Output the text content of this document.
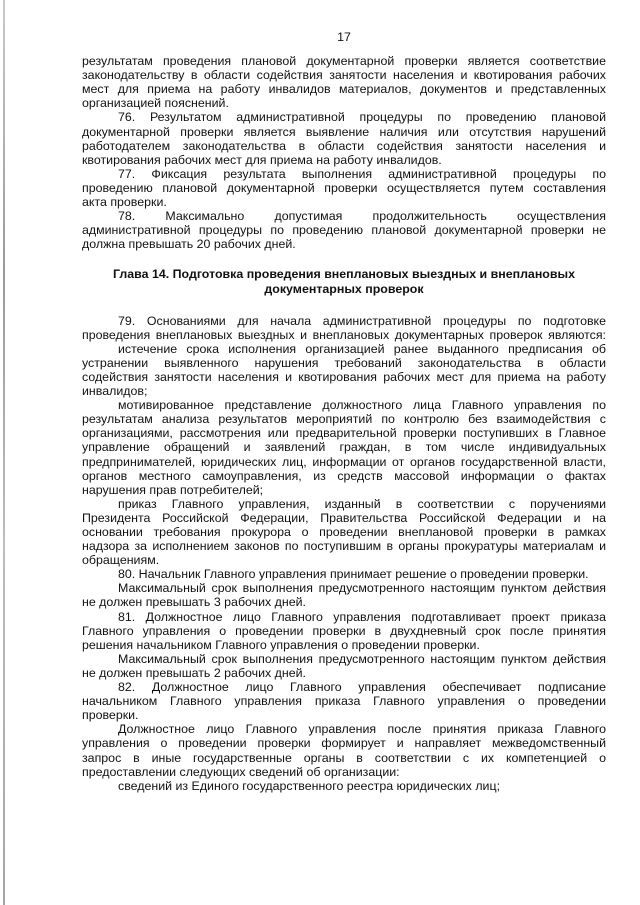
17
результатам проведения плановой документарной проверки является соответствие
законодательству в области содействия занятости населения и квотирования рабочих
мест для приема на работу инвалидов материалов, документов и представленных
организацией пояснений.
76. Результатом административной процедуры по проведению плановой
документарной проверки является выявление наличия или отсутствия нарушений
работодателем законодательства в области содействия занятости населения и
квотирования рабочих мест для приема на работу инвалидов.
77. Фиксация результата выполнения административной процедуры по
проведению плановой документарной проверки осуществляется путем составления
акта проверки.
78. Максимально допустимая продолжительность осуществления
административной процедуры по проведению плановой документарной проверки не
должна превышать 20 рабочих дней.
Глава 14. Подготовка проведения внеплановых выездных и внеплановых
документарных проверок
79. Основаниями для начала административной процедуры по подготовке
проведения внеплановых выездных и внеплановых документарных проверок являются:
истечение срока исполнения организацией ранее выданного предписания об
устранении выявленного нарушения требований законодательства в области
содействия занятости населения и квотирования рабочих мест для приема на работу
инвалидов;
мотивированное представление должностного лица Главного управления по
результатам анализа результатов мероприятий по контролю без взаимодействия с
организациями, рассмотрения или предварительной проверки поступивших в Главное
управление обращений и заявлений граждан, в том числе индивидуальных
предпринимателей, юридических лиц, информации от органов государственной власти,
органов местного самоуправления, из средств массовой информации о фактах
нарушения прав потребителей;
приказ Главного управления, изданный в соответствии с поручениями
Президента Российской Федерации, Правительства Российской Федерации и на
основании требования прокурора о проведении внеплановой проверки в рамках
надзора за исполнением законов по поступившим в органы прокуратуры материалам и
обращениям.
80. Начальник Главного управления принимает решение о проведении проверки.
Максимальный срок выполнения предусмотренного настоящим пунктом действия
не должен превышать 3 рабочих дней.
81. Должностное лицо Главного управления подготавливает проект приказа
Главного управления о проведении проверки в двухдневный срок после принятия
решения начальником Главного управления о проведении проверки.
Максимальный срок выполнения предусмотренного настоящим пунктом действия
не должен превышать 2 рабочих дней.
82. Должностное лицо Главного управления обеспечивает подписание
начальником Главного управления приказа Главного управления о проведении
проверки.
Должностное лицо Главного управления после принятия приказа Главного
управления о проведении проверки формирует и направляет межведомственный
запрос в иные государственные органы в соответствии с их компетенцией о
предоставлении следующих сведений об организации:
сведений из Единого государственного реестра юридических лиц;
